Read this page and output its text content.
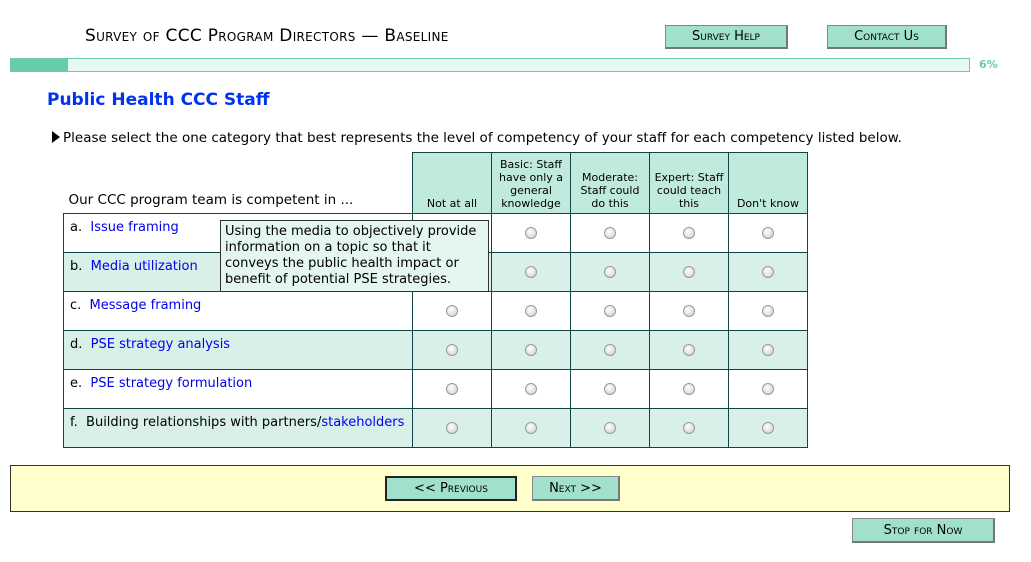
Survey of CCC Program Directors — Baseline	Survey Help	Contact Us
6%
Public Health CCC Staff
Please select the one category that best represents the level of competency of your staff for each competency listed below.
Our CCC program team is competent in ...	Not at all	Basic: Staff have only a general knowledge	Moderate: Staff could do this	Expert: Staff could teach this	Don't know
a. Issue framing					
b. Media utilization					
c. Message framing					
d. PSE strategy analysis					
e. PSE strategy formulation					
f. Building relationships with partners/stakeholders					
Using the media to objectively provide information on a topic so that it conveys the public health impact or benefit of potential PSE strategies.
<< Previous	Next >>
Stop for Now
